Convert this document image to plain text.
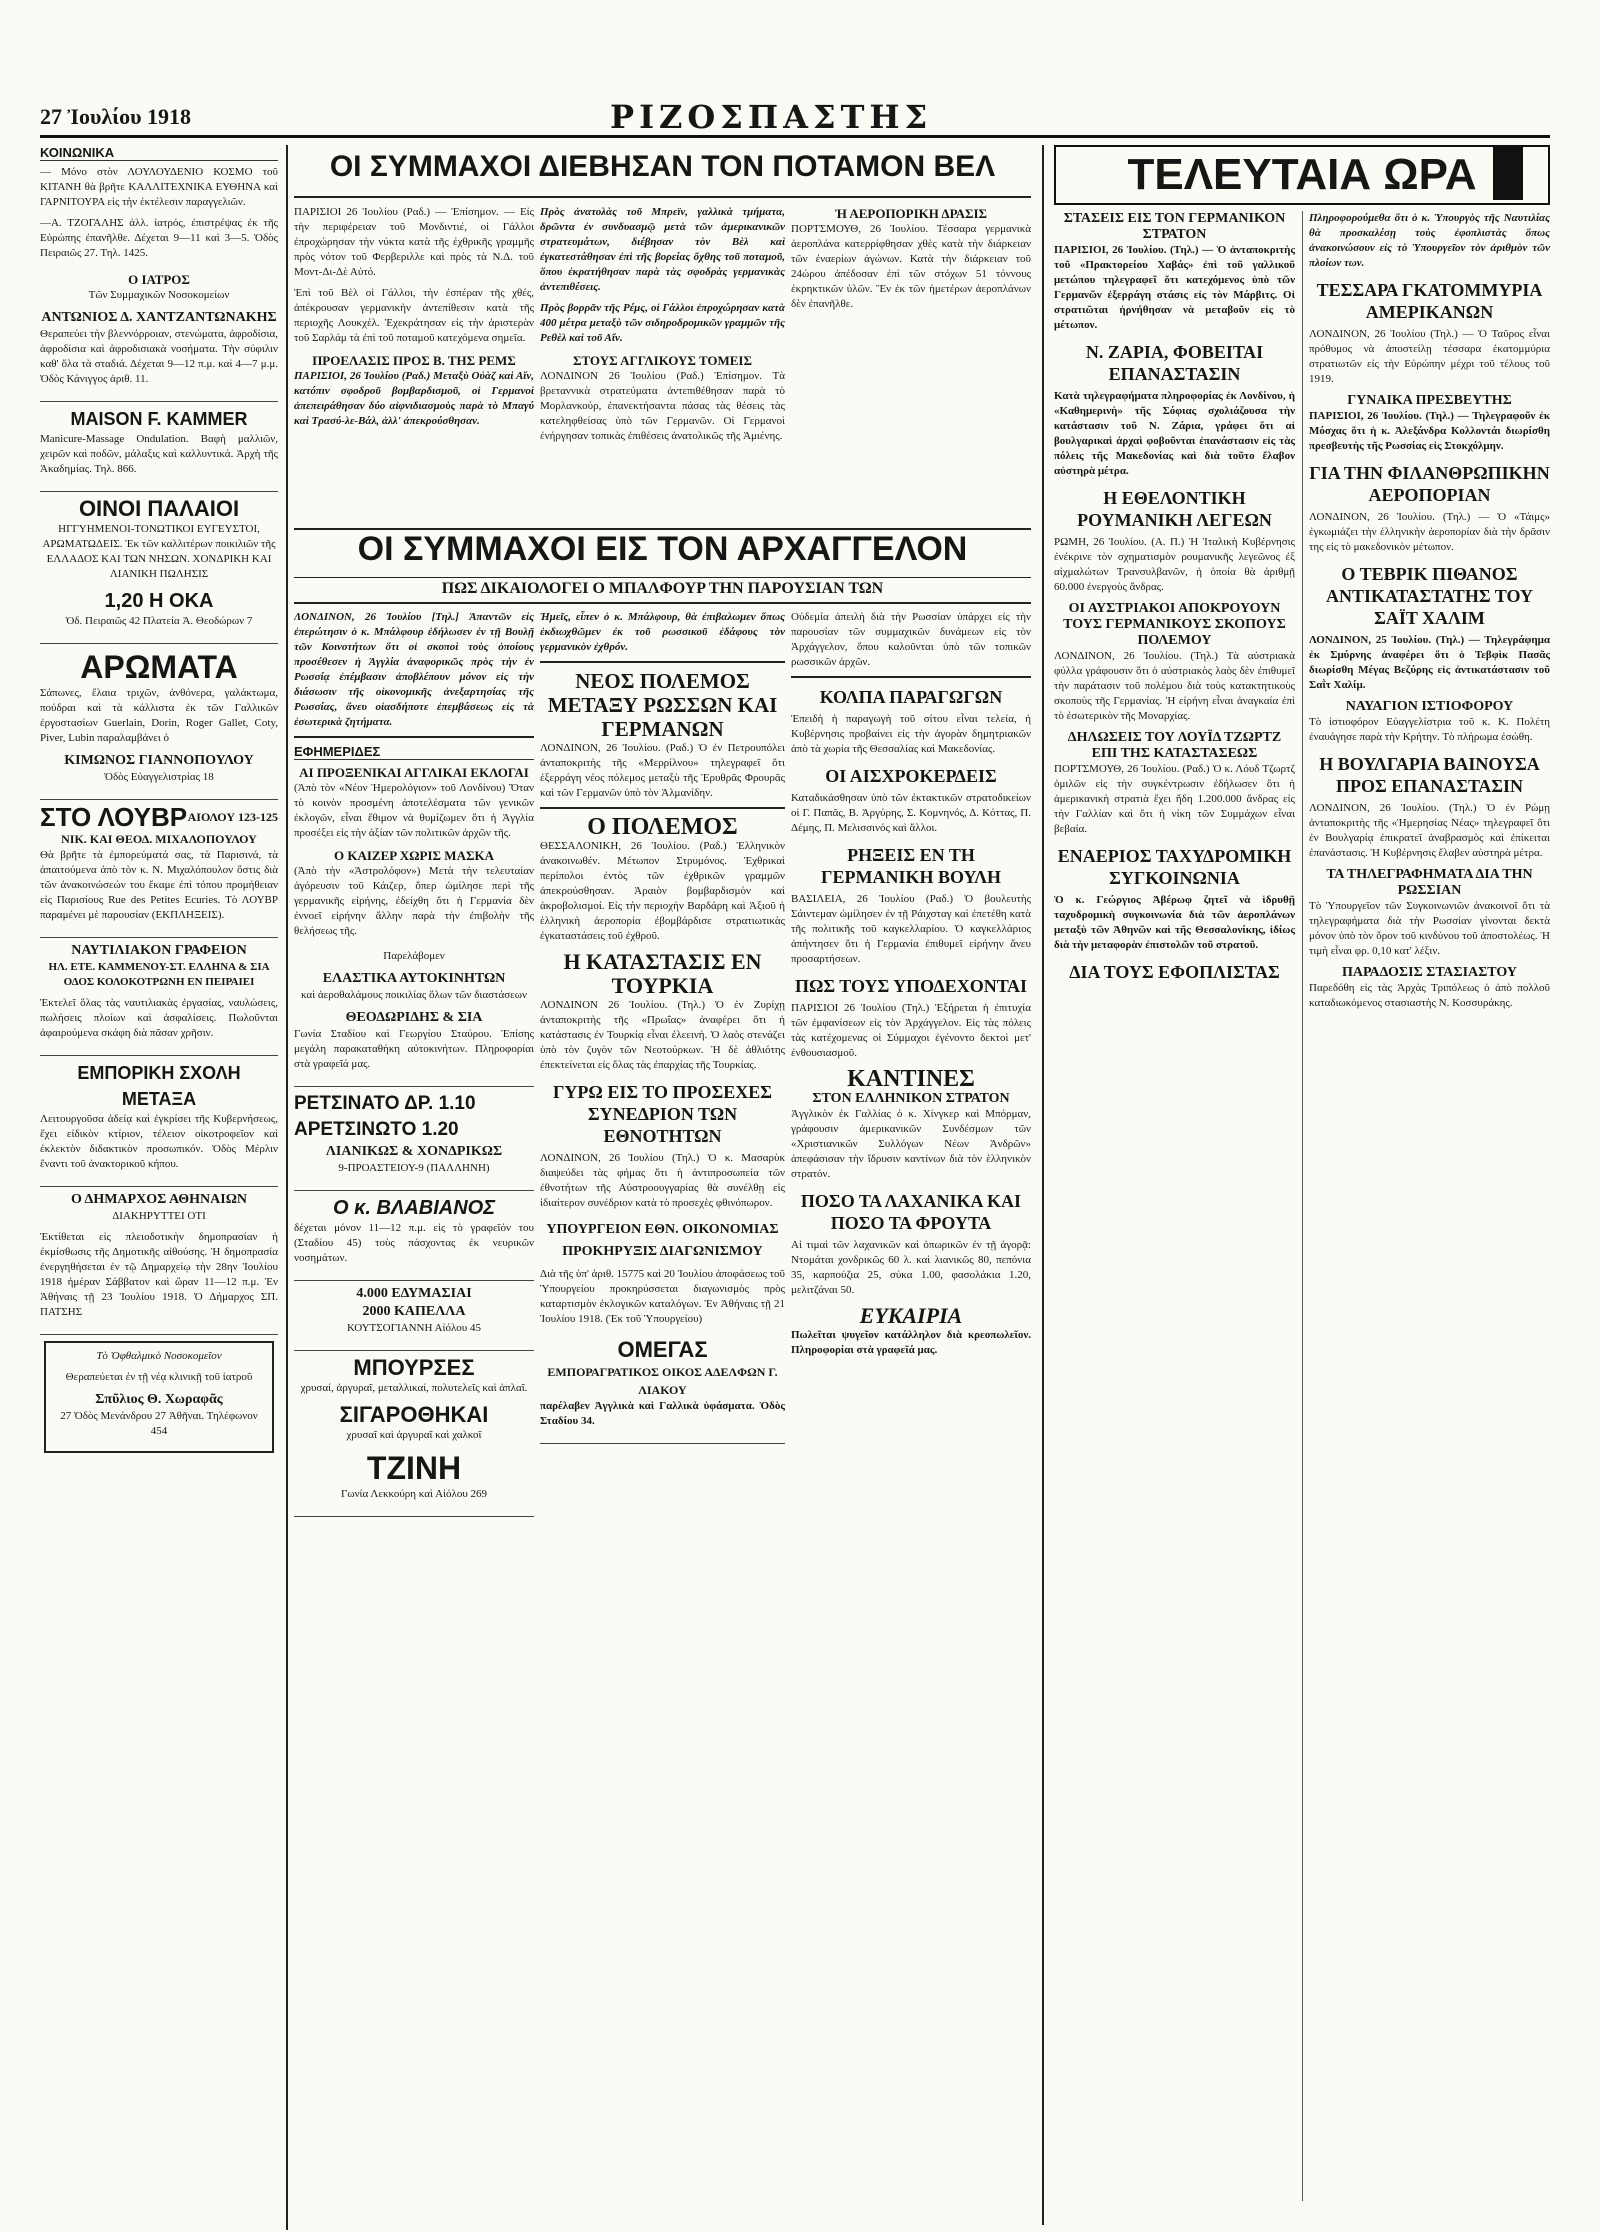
27 Ἰουλίου 1918	ΡΙΖΟΣΠΑΣΤΗΣ
ΚΟΙΝΩΝΙΚΑ

— Μόνο στὸν ΛΟΥΛΟΥΔΕΝΙΟ ΚΟΣΜΟ τοῦ ΚΙΤΑΝΗ θὰ βρῆτε ΚΑΛΛΙΤΕΧΝΙΚΑ ΕΥΘΗΝΑ καὶ ΓΑΡΝΙΤΟΥΡΑ εἰς τὴν ἐκτέλεσιν παραγγελιῶν.

—Α. ΤΖΟΓΑΛΗΣ ἀλλ. ἰατρός, ἐπιστρέψας ἐκ τῆς Εὐρώπης ἐπανῆλθε. Δέχεται 9—11 καὶ 3—5. Ὁδὸς Πειραιῶς 27. Τηλ. 1425.

Ο ΙΑΤΡΟΣ
Τῶν Συμμαχικῶν Νοσοκομείων
ΑΝΤΩΝΙΟΣ Δ. ΧΑΝΤΖΑΝΤΩΝΑΚΗΣ

Θεραπεύει τὴν βλεννόρροιαν, στενώματα, ἀφροδίσια, ἀφροδίσια καὶ ἀφροδισιακὰ νοσήματα. Τὴν σύφιλιν καθ' ὅλα τὰ σταδιά. Δέχεται 9—12 π.μ. καὶ 4—7 μ.μ. Ὁδὸς Κάνιγγος ἀριθ. 11.

MAISON F. KAMMER

Manicure-Massage Ondulation. Βαφὴ μαλλιῶν, χειρῶν καὶ ποδῶν, μάλαξις καὶ καλλυντικά. Ἀρχὴ τῆς Ἀκαδημίας. Τηλ. 866.

ΟΙΝΟΙ ΠΑΛΑΙΟΙ

ΗΓΓΥΗΜΕΝΟΙ-ΤΟΝΩΤΙΚΟΙ ΕΥΓΕΥΣΤΟΙ, ΑΡΩΜΑΤΩΔΕΙΣ. Ἐκ τῶν καλλιτέρων ποικιλιῶν τῆς ΕΛΛΑΔΟΣ ΚΑΙ ΤΩΝ ΝΗΣΩΝ. ΧΟΝΔΡΙΚΗ ΚΑΙ ΛΙΑΝΙΚΗ ΠΩΛΗΣΙΣ

1,20 Η ΟΚΑ
Ὁδ. Πειραιῶς 42 Πλατεία Ἀ. Θεοδώρων 7
ΑΡΩΜΑΤΑ

Σάπωνες, ἔλαια τριχῶν, ἀνθόνερα, γαλάκτωμα, πούδραι καὶ τὰ κάλλιστα ἐκ τῶν Γαλλικῶν ἐργοστασίων Guerlain, Dorin, Roger Gallet, Coty, Piver, Lubin παραλαμβάνει ὁ

ΚΙΜΩΝΟΣ ΓΙΑΝΝΟΠΟΥΛΟΥ
Ὁδὸς Εὐαγγελιστρίας 18
ΣΤΟ ΛΟΥΒΡ ΑΙΟΛΟΥ 123-125
ΝΙΚ. ΚΑΙ ΘΕΟΔ. ΜΙΧΑΛΟΠΟΥΛΟΥ

Θὰ βρῆτε τὰ ἐμπορεύματά σας, τὰ Παρισινά, τὰ ἀπαιτούμενα ἀπὸ τὸν κ. Ν. Μιχαλόπουλον ὅστις διὰ τῶν ἀνακοινώσεών του ἔκαμε ἐπὶ τόπου προμήθειαν εἰς Παρισίους Rue des Petites Ecuries. Τὸ ΛΟΥΒΡ παραμένει μὲ παρουσίαν (ΕΚΠΛΗΞΕΙΣ).

ΝΑΥΤΙΛΙΑΚΟΝ ΓΡΑΦΕΙΟΝ
ΗΛ. ΕΤΕ. ΚΑΜΜΕΝΟΥ-ΣΤ. ΕΛΛΗΝΑ & ΣΙΑ ΟΔΟΣ ΚΟΛΟΚΟΤΡΩΝΗ ΕΝ ΠΕΙΡΑΙΕΙ

Ἐκτελεῖ ὅλας τὰς ναυτιλιακὰς ἐργασίας, ναυλώσεις, πωλήσεις πλοίων καὶ ἀσφαλίσεις. Πωλοῦνται ἀφαιρούμενα σκάφη διὰ πᾶσαν χρῆσιν.

ΕΜΠΟΡΙΚΗ ΣΧΟΛΗ ΜΕΤΑΞΑ

Λειτουργοῦσα ἀδείᾳ καὶ ἐγκρίσει τῆς Κυβερνήσεως, ἔχει εἰδικὸν κτίριον, τέλειον οἰκοτροφεῖον καὶ ἐκλεκτὸν διδακτικὸν προσωπικόν. Ὁδὸς Μέρλιν ἔναντι τοῦ ἀνακτορικοῦ κήπου.

Ο ΔΗΜΑΡΧΟΣ ΑΘΗΝΑΙΩΝ
ΔΙΑΚΗΡΥΤΤΕΙ ΟΤΙ

Ἐκτίθεται εἰς πλειοδοτικὴν δημοπρασίαν ἡ ἐκμίσθωσις τῆς Δημοτικῆς αἰθούσης. Ἡ δημοπρασία ἐνεργηθήσεται ἐν τῷ Δημαρχείῳ τὴν 28ην Ἰουλίου 1918 ἡμέραν Σάββατον καὶ ὥραν 11—12 π.μ. Ἐν Ἀθήναις τῇ 23 Ἰουλίου 1918. Ὁ Δήμαρχος ΣΠ. ΠΑΤΣΗΣ

Τὸ Ὀφθαλμικὸ Νοσοκομεῖον
Θεραπεύεται ἐν τῇ νέᾳ κλινικῇ τοῦ ἰατροῦ
Σπῦλιος Θ. Χωραφᾶς
27 Ὁδὸς Μενάνδρου 27 Ἀθῆναι. Τηλέφωνον 454
ΟΙ ΣΥΜΜΑΧΟΙ ΔΙΕΒΗΣΑΝ ΤΟΝ ΠΟΤΑΜΟΝ ΒΕΛ

ΠΑΡΙΣΙΟΙ 26 Ἰουλίου (Ραδ.) — Ἐπίσημον. — Εἰς τὴν περιφέρειαν τοῦ Μονδιντιέ, οἱ Γάλλοι ἐπροχώρησαν τὴν νύκτα κατὰ τῆς ἐχθρικῆς γραμμῆς πρὸς νότον τοῦ Φερβεριλλε καὶ πρὸς τὰ Ν.Δ. τοῦ Μοντ-Δι-Δὲ Αὐτό.

Ἐπὶ τοῦ Βὲλ οἱ Γάλλοι, τὴν ἐσπέραν τῆς χθές, ἀπέκρουσαν γερμανικὴν ἀντεπίθεσιν κατὰ τῆς περιοχῆς Λουκχέλ. Ἐχεκράτησαν εἰς τὴν ἀριστερὰν τοῦ Σαρλάμ τὰ ἐπὶ τοῦ ποταμοῦ κατεχόμενα σημεῖα.

ΠΡΟΕΛΑΣΙΣ ΠΡΟΣ Β. ΤΗΣ ΡΕΜΣ

ΠΑΡΙΣΙΟΙ, 26 Ἰουλίου (Ραδ.) Μεταξὺ Οὐὰζ καὶ Αἴν, κατόπιν σφοδροῦ βομβαρδισμοῦ, οἱ Γερμανοὶ ἀπεπειράθησαν δύο αἰφνιδιασμοὺς παρὰ τὸ Μπαγύ καὶ Τρασύ-λε-Βάλ, ἀλλ' ἀπεκρούσθησαν.

Πρὸς ἀνατολὰς τοῦ Μπρεϊν, γαλλικὰ τμήματα, δρῶντα ἐν συνδυασμῷ μετὰ τῶν ἀμερικανικῶν στρατευμάτων, διέβησαν τὸν Βὲλ καὶ ἐγκατεστάθησαν ἐπὶ τῆς βορείας ὄχθης τοῦ ποταμοῦ, ὅπου ἐκρατήθησαν παρὰ τὰς σφοδρὰς γερμανικὰς ἀντεπιθέσεις.

Πρὸς βορρᾶν τῆς Ρέμς, οἱ Γάλλοι ἐπροχώρησαν κατὰ 400 μέτρα μεταξὺ τῶν σιδηροδρομικῶν γραμμῶν τῆς Ρεθὲλ καὶ τοῦ Αἴν.

ΣΤΟΥΣ ΑΓΓΛΙΚΟΥΣ ΤΟΜΕΙΣ

ΛΟΝΔΙΝΟΝ 26 Ἰουλίου (Ραδ.) Ἐπίσημον. Τὰ βρεταννικὰ στρατεύματα ἀντεπιθέθησαν παρὰ τὸ Μορλανκούρ, ἐπανεκτήσαντα πάσας τὰς θέσεις τὰς κατεληφθείσας ὑπὸ τῶν Γερμανῶν. Οἱ Γερμανοὶ ἐνήργησαν τοπικὰς ἐπιθέσεις ἀνατολικῶς τῆς Ἀμιένης.

Ἡ ΑΕΡΟΠΟΡΙΚΗ ΔΡΑΣΙΣ

ΠΟΡΤΣΜΟΥΘ, 26 Ἰουλίου. Τέσσαρα γερμανικὰ ἀεροπλάνα κατερρίφθησαν χθὲς κατὰ τὴν διάρκειαν τῶν ἐναερίων ἀγώνων. Κατὰ τὴν διάρκειαν τοῦ 24ώρου ἀπέδοσαν ἐπὶ τῶν στόχων 51 τόννους ἐκρηκτικῶν ὑλῶν. Ἓν ἐκ τῶν ἡμετέρων ἀεροπλάνων δὲν ἐπανῆλθε.

ΟΙ ΣΥΜΜΑΧΟΙ ΕΙΣ ΤΟΝ ΑΡΧΑΓΓΕΛΟΝ
ΠΩΣ ΔΙΚΑΙΟΛΟΓΕΙ Ο ΜΠΑΛΦΟΥΡ ΤΗΝ ΠΑΡΟΥΣΙΑΝ ΤΩΝ

ΛΟΝΔΙΝΟΝ, 26 Ἰουλίου [Τηλ.] Ἀπαντῶν εἰς ἐπερώτησιν ὁ κ. Μπάλφουρ ἐδήλωσεν ἐν τῇ Βουλῇ τῶν Κοινοτήτων ὅτι οἱ σκοποὶ τοὺς ὁποίους προσέθεσεν ἡ Ἀγγλία ἀναφορικῶς πρὸς τὴν ἐν Ρωσσίᾳ ἐπέμβασιν ἀποβλέπουν μόνον εἰς τὴν διάσωσιν τῆς οἰκονομικῆς ἀνεξαρτησίας τῆς Ρωσσίας, ἄνευ οἱασδήποτε ἐπεμβάσεως εἰς τὰ ἐσωτερικὰ ζητήματα.

ΕΦΗΜΕΡΙΔΕΣ
ΑΙ ΠΡΟΞΕΝΙΚΑΙ ΑΓΓΛΙΚΑΙ ΕΚΛΟΓΑΙ

(Ἀπὸ τὸν «Νέον Ἡμερολόγιον» τοῦ Λονδίνου) Ὅταν τὸ κοινὸν προσμένη ἀποτελέσματα τῶν γενικῶν ἐκλογῶν, εἶναι ἔθιμον νὰ θυμίζωμεν ὅτι ἡ Ἀγγλία προσέξει εἰς τὴν ἀξίαν τῶν πολιτικῶν ἀρχῶν τῆς.

Ο ΚΑΙΖΕΡ ΧΩΡΙΣ ΜΑΣΚΑ

(Ἀπὸ τὴν «Ἀστρολόφον») Μετὰ τὴν τελευταίαν ἀγόρευσιν τοῦ Κάιζερ, ὅπερ ὡμίλησε περὶ τῆς γερμανικῆς εἰρήνης, ἐδείχθη ὅτι ἡ Γερμανία δὲν ἐννοεῖ εἰρήνην ἄλλην παρὰ τὴν ἐπιβολὴν τῆς θελήσεως τῆς.

Παρελάβομεν
ΕΛΑΣΤΙΚΑ ΑΥΤΟΚΙΝΗΤΩΝ
καὶ ἀεροθαλάμους ποικιλίας ὅλων τῶν διαστάσεων
ΘΕΟΔΩΡΙΔΗΣ & ΣΙΑ

Γωνία Σταδίου καὶ Γεωργίου Σταύρου. Ἐπίσης μεγάλη παρακαταθήκη αὐτοκινήτων. Πληροφορίαι στὰ γραφεῖά μας.

ΡΕΤΣΙΝΑΤΟ ΔΡ. 1.10
ΑΡΕΤΣΙΝΩΤΟ 1.20
ΛΙΑΝΙΚΩΣ & ΧΟΝΔΡΙΚΩΣ
9-ΠΡΟΑΣΤΕΙΟΥ-9 (ΠΑΛΛΗΝΗ)
Ο κ. ΒΛΑΒΙΑΝΟΣ

δέχεται μόνον 11—12 π.μ. εἰς τὸ γραφεῖόν του (Σταδίου 45) τοὺς πάσχοντας ἐκ νευρικῶν νοσημάτων.

4.000 ΕΔΥΜΑΣΙΑΙ
2000 ΚΑΠΕΛΛΑ
ΚΟΥΤΣΟΓΙΑΝΝΗ Αἰόλου 45
ΜΠΟΥΡΣΕΣ
χρυσαί, ἀργυραῖ, μεταλλικαί, πολυτελεῖς καὶ ἀπλαῖ.
ΣΙΓΑΡΟΘΗΚΑΙ
χρυσαῖ καὶ ἀργυραῖ καὶ χαλκοῖ
ΤΖΙΝΗ
Γωνία Λεκκούρη καὶ Αἰόλου 269

Ἡμεῖς, εἶπεν ὁ κ. Μπάλφουρ, θὰ ἐπιβαλωμεν ὅπως ἐκδιωχθῶμεν ἐκ τοῦ ρωσσικοῦ ἐδάφους τὸν γερμανικὸν ἐχθρόν.

ΝΕΟΣ ΠΟΛΕΜΟΣ ΜΕΤΑΞΥ ΡΩΣΣΩΝ ΚΑΙ ΓΕΡΜΑΝΩΝ

ΛΟΝΔΙΝΟΝ, 26 Ἰουλίου. (Ραδ.) Ὁ ἐν Πετρουπόλει ἀνταποκριτὴς τῆς «Μερρίλνου» τηλεγραφεῖ ὅτι ἐξερράγη νέος πόλεμος μεταξὺ τῆς Ἐρυθρᾶς Φρουρᾶς καὶ τῶν Γερμανῶν ὑπὸ τὸν Ἀλμανίδην.

Ο ΠΟΛΕΜΟΣ

ΘΕΣΣΑΛΟΝΙΚΗ, 26 Ἰουλίου. (Ραδ.) Ἑλληνικὸν ἀνακοινωθέν. Μέτωπον Στρυμόνος. Ἐχθρικαὶ περίπολοι ἐντὸς τῶν ἐχθρικῶν γραμμῶν ἀπεκρούσθησαν. Ἀραιὸν βομβαρδισμὸν καὶ ἀκροβολισμοί. Εἰς τὴν περιοχὴν Βαρδάρη καὶ Ἀξιοῦ ἡ ἑλληνικὴ ἀεροπορία ἐβομβάρδισε στρατιωτικὰς ἐγκαταστάσεις τοῦ ἐχθροῦ.

Η ΚΑΤΑΣΤΑΣΙΣ ΕΝ ΤΟΥΡΚΙΑ

ΛΟΝΔΙΝΟΝ 26 Ἰουλίου. (Τηλ.) Ὁ ἐν Ζυρίχῃ ἀνταποκριτὴς τῆς «Πρωΐας» ἀναφέρει ὅτι ἡ κατάστασις ἐν Τουρκίᾳ εἶναι ἐλεεινή. Ὁ λαὸς στενάζει ὑπὸ τὸν ζυγὸν τῶν Νεοτούρκων. Ἡ δὲ ἀθλιότης ἐπεκτείνεται εἰς ὅλας τὰς ἐπαρχίας τῆς Τουρκίας.

ΓΥΡΩ ΕΙΣ ΤΟ ΠΡΟΣΕΧΕΣ ΣΥΝΕΔΡΙΟΝ ΤΩΝ ΕΘΝΟΤΗΤΩΝ

ΛΟΝΔΙΝΟΝ, 26 Ἰουλίου (Τηλ.) Ὁ κ. Μασαρὺκ διαψεύδει τὰς φήμας ὅτι ἡ ἀντιπροσωπεία τῶν ἐθνοτήτων τῆς Αὐστροουγγαρίας θὰ συνέλθῃ εἰς ἰδιαίτερον συνέδριον κατὰ τὸ προσεχὲς φθινόπωρον.

ΥΠΟΥΡΓΕΙΟΝ ΕΘΝ. ΟΙΚΟΝΟΜΙΑΣ ΠΡΟΚΗΡΥΞΙΣ ΔΙΑΓΩΝΙΣΜΟΥ

Διὰ τῆς ὑπ' ἀριθ. 15775 καὶ 20 Ἰουλίου ἀποφάσεως τοῦ Ὑπουργείου προκηρύσσεται διαγωνισμὸς πρὸς καταρτισμὸν ἐκλογικῶν καταλόγων. Ἐν Ἀθήναις τῇ 21 Ἰουλίου 1918. (Ἐκ τοῦ Ὑπουργείου)

ΟΜΕΓΑΣ
ΕΜΠΟΡΑΓΡΑΤΙΚΟΣ ΟΙΚΟΣ ΑΔΕΛΦΩΝ Γ. ΛΙΑΚΟΥ

παρέλαβεν Ἀγγλικὰ καὶ Γαλλικὰ ὑφάσματα. Ὁδὸς Σταδίου 34.

Οὐδεμία ἀπειλὴ διὰ τὴν Ρωσσίαν ὑπάρχει εἰς τὴν παρουσίαν τῶν συμμαχικῶν δυνάμεων εἰς τὸν Ἀρχάγγελον, ὅπου καλοῦνται ὑπὸ τῶν τοπικῶν ρωσσικῶν ἀρχῶν.

ΚΟΛΠΑ ΠΑΡΑΓΩΓΩΝ

Ἐπειδὴ ἡ παραγωγὴ τοῦ σίτου εἶναι τελεία, ἡ Κυβέρνησις προβαίνει εἰς τὴν ἀγορὰν δημητριακῶν ἀπὸ τὰ χωρία τῆς Θεσσαλίας καὶ Μακεδονίας.

ΟΙ ΑΙΣΧΡΟΚΕΡΔΕΙΣ

Καταδικάσθησαν ὑπὸ τῶν ἐκτακτικῶν στρατοδικείων οἱ Γ. Παπᾶς, Β. Ἀργύρης, Σ. Κομνηνός, Δ. Κόττας, Π. Δέμης, Π. Μελισσινός καὶ ἄλλοι.

ΡΗΞΕΙΣ ΕΝ ΤΗ ΓΕΡΜΑΝΙΚΗ ΒΟΥΛΗ

ΒΑΣΙΛΕΙΑ, 26 Ἰουλίου (Ραδ.) Ὁ βουλευτὴς Σάιντεμαν ὡμίλησεν ἐν τῇ Ράιχσταγ καὶ ἐπετέθη κατὰ τῆς πολιτικῆς τοῦ καγκελλαρίου. Ὁ καγκελλάριος ἀπήντησεν ὅτι ἡ Γερμανία ἐπιθυμεῖ εἰρήνην ἄνευ προσαρτήσεων.

ΠΩΣ ΤΟΥΣ ΥΠΟΔΕΧΟΝΤΑΙ

ΠΑΡΙΣΙΟΙ 26 Ἰουλίου (Τηλ.) Ἐξήρεται ἡ ἐπιτυχία τῶν ἐμφανίσεων εἰς τὸν Ἀρχάγγελον. Εἰς τὰς πόλεις τὰς κατέχομενας οἱ Σύμμαχοι ἐγένοντο δεκτοὶ μετ' ἐνθουσιασμοῦ.

ΚΑΝΤΙΝΕΣ
ΣΤΟΝ ΕΛΛΗΝΙΚΟΝ ΣΤΡΑΤΟΝ

Ἀγγλικὸν ἐκ Γαλλίας ὁ κ. Χίνγκερ καὶ Μπόρμαν, γράφουσιν ἀμερικανικῶν Συνδέσμων τῶν «Χριστιανικῶν Συλλόγων Νέων Ἀνδρῶν» ἀπεφάσισαν τὴν ἵδρυσιν καντίνων διὰ τὸν ἑλληνικὸν στρατόν.

ΠΟΣΟ ΤΑ ΛΑΧΑΝΙΚΑ ΚΑΙ ΠΟΣΟ ΤΑ ΦΡΟΥΤΑ

Αἱ τιμαὶ τῶν λαχανικῶν καὶ ὀπωρικῶν ἐν τῇ ἀγορᾷ: Ντομάται χονδρικῶς 60 λ. καὶ λιανικῶς 80, πεπόνια 35, καρπούζια 25, σύκα 1.00, φασολάκια 1.20, μελιτζάναι 50.

ΕΥΚΑΙΡΙΑ

Πωλεῖται ψυγεῖον κατάλληλον διὰ κρεοπωλεῖον. Πληροφορίαι στὰ γραφεῖά μας.

ΤΕΛΕΥΤΑΙΑ ΩΡΑ
ΣΤΑΣΕΙΣ ΕΙΣ ΤΟΝ ΓΕΡΜΑΝΙΚΟΝ ΣΤΡΑΤΟΝ

ΠΑΡΙΣΙΟΙ, 26 Ἰουλίου. (Τηλ.) — Ὁ ἀνταποκριτὴς τοῦ «Πρακτορείου Χαβάς» ἐπὶ τοῦ γαλλικοῦ μετώπου τηλεγραφεῖ ὅτι κατεχόμενος ὑπὸ τῶν Γερμανῶν ἐξερράγη στάσις εἰς τὸν Μάρβιτς. Οἱ στρατιῶται ἠρνήθησαν νὰ μεταβοῦν εἰς τὸ μέτωπον.

Ν. ΖΑΡΙΑ, ΦΟΒΕΙΤΑΙ ΕΠΑΝΑΣΤΑΣΙΝ

Κατὰ τηλεγραφήματα πληροφορίας ἐκ Λονδίνου, ἡ «Καθημερινὴ» τῆς Σόφιας σχολιάζουσα τὴν κατάστασιν τοῦ Ν. Ζάρια, γράφει ὅτι αἱ βουλγαρικαὶ ἀρχαὶ φοβοῦνται ἐπανάστασιν εἰς τὰς πόλεις τῆς Μακεδονίας καὶ διὰ τοῦτο ἔλαβον αὐστηρὰ μέτρα.

Η ΕΘΕΛΟΝΤΙΚΗ ΡΟΥΜΑΝΙΚΗ ΛΕΓΕΩΝ

ΡΩΜΗ, 26 Ἰουλίου. (Α. Π.) Ἡ Ἰταλικὴ Κυβέρνησις ἐνέκρινε τὸν σχηματισμὸν ρουμανικῆς λεγεῶνος ἐξ αἰχμαλώτων Τρανσυλβανῶν, ἡ ὁποία θὰ ἀριθμῇ 60.000 ἐνεργοὺς ἄνδρας.

ΟΙ ΑΥΣΤΡΙΑΚΟΙ ΑΠΟΚΡΟΥΟΥΝ ΤΟΥΣ ΓΕΡΜΑΝΙΚΟΥΣ ΣΚΟΠΟΥΣ ΠΟΛΕΜΟΥ

ΛΟΝΔΙΝΟΝ, 26 Ἰουλίου. (Τηλ.) Τὰ αὐστριακὰ φύλλα γράφουσιν ὅτι ὁ αὐστριακὸς λαὸς δὲν ἐπιθυμεῖ τὴν παράτασιν τοῦ πολέμου διὰ τοὺς κατακτητικοὺς σκοποὺς τῆς Γερμανίας. Ἡ εἰρήνη εἶναι ἀναγκαία ἐπὶ τὸ ἐσωτερικὸν τῆς Μοναρχίας.

ΔΗΛΩΣΕΙΣ ΤΟΥ ΛΟΥΪΔ ΤΖΩΡΤΖ ΕΠΙ ΤΗΣ ΚΑΤΑΣΤΑΣΕΩΣ

ΠΟΡΤΣΜΟΥΘ, 26 Ἰουλίου. (Ραδ.) Ὁ κ. Λόυδ Τζωρτζ ὁμιλῶν εἰς τὴν συγκέντρωσιν ἐδήλωσεν ὅτι ἡ ἀμερικανικὴ στρατιὰ ἔχει ἤδη 1.200.000 ἄνδρας εἰς τὴν Γαλλίαν καὶ ὅτι ἡ νίκη τῶν Συμμάχων εἶναι βεβαία.

ΕΝΑΕΡΙΟΣ ΤΑΧΥΔΡΟΜΙΚΗ ΣΥΓΚΟΙΝΩΝΙΑ

Ὁ κ. Γεώργιος Ἀβέρωφ ζητεῖ νὰ ἱδρυθῇ ταχυδρομικὴ συγκοινωνία διὰ τῶν ἀεροπλάνων μεταξὺ τῶν Ἀθηνῶν καὶ τῆς Θεσσαλονίκης, ἰδίως διὰ τὴν μεταφορὰν ἐπιστολῶν τοῦ στρατοῦ.

ΔΙΑ ΤΟΥΣ ΕΦΟΠΛΙΣΤΑΣ

Πληροφορούμεθα ὅτι ὁ κ. Ὑπουργὸς τῆς Ναυτιλίας θὰ προσκαλέσῃ τοὺς ἐφοπλιστὰς ὅπως ἀνακοινώσουν εἰς τὸ Ὑπουργεῖον τὸν ἀριθμὸν τῶν πλοίων των.

ΤΕΣΣΑΡΑ ΓΚΑΤΟΜΜΥΡΙΑ ΑΜΕΡΙΚΑΝΩΝ

ΛΟΝΔΙΝΟΝ, 26 Ἰουλίου (Τηλ.) — Ὁ Ταῦρος εἶναι πρόθυμος νὰ ἀποστείλῃ τέσσαρα ἑκατομμύρια στρατιωτῶν εἰς τὴν Εὐρώπην μέχρι τοῦ τέλους τοῦ 1919.

ΓΥΝΑΙΚΑ ΠΡΕΣΒΕΥΤΗΣ

ΠΑΡΙΣΙΟΙ, 26 Ἰουλίου. (Τηλ.) — Τηλεγραφοῦν ἐκ Μόσχας ὅτι ἡ κ. Ἀλεξάνδρα Κολλοντάι διωρίσθη πρεσβευτὴς τῆς Ρωσσίας εἰς Στοκχόλμην.

ΓΙΑ ΤΗΝ ΦΙΛΑΝΘΡΩΠΙΚΗΝ ΑΕΡΟΠΟΡΙΑΝ

ΛΟΝΔΙΝΟΝ, 26 Ἰουλίου. (Τηλ.) — Ὁ «Τάιμς» ἐγκωμιάζει τὴν ἑλληνικὴν ἀεροπορίαν διὰ τὴν δρᾶσιν της εἰς τὸ μακεδονικὸν μέτωπον.

Ο ΤΕΒΡΙΚ ΠΙΘΑΝΟΣ ΑΝΤΙΚΑΤΑΣΤΑΤΗΣ ΤΟΥ ΣΑΪΤ ΧΑΛΙΜ

ΛΟΝΔΙΝΟΝ, 25 Ἰουλίου. (Τηλ.) — Τηλεγράφημα ἐκ Σμύρνης ἀναφέρει ὅτι ὁ Τεβφὶκ Πασᾶς διωρίσθη Μέγας Βεζύρης εἰς ἀντικατάστασιν τοῦ Σαῒτ Χαλίμ.

ΝΑΥΑΓΙΟΝ ΙΣΤΙΟΦΟΡΟΥ

Τὸ ἱστιοφόρον Εὐαγγελίστρια τοῦ κ. Κ. Πολέτη ἐναυάγησε παρὰ τὴν Κρήτην. Τὸ πλήρωμα ἐσώθη.

Η ΒΟΥΛΓΑΡΙΑ ΒΑΙΝΟΥΣΑ ΠΡΟΣ ΕΠΑΝΑΣΤΑΣΙΝ

ΛΟΝΔΙΝΟΝ, 26 Ἰουλίου. (Τηλ.) Ὁ ἐν Ρώμῃ ἀνταποκριτὴς τῆς «Ἡμερησίας Νέας» τηλεγραφεῖ ὅτι ἐν Βουλγαρίᾳ ἐπικρατεῖ ἀναβρασμὸς καὶ ἐπίκειται ἐπανάστασις. Ἡ Κυβέρνησις ἔλαβεν αὐστηρὰ μέτρα.

ΤΑ ΤΗΛΕΓΡΑΦΗΜΑΤΑ ΔΙΑ ΤΗΝ ΡΩΣΣΙΑΝ

Τὸ Ὑπουργεῖον τῶν Συγκοινωνιῶν ἀνακοινοῖ ὅτι τὰ τηλεγραφήματα διὰ τὴν Ρωσσίαν γίνονται δεκτὰ μόνον ὑπὸ τὸν ὅρον τοῦ κινδύνου τοῦ ἀποστολέως. Ἡ τιμὴ εἶναι φρ. 0,10 κατ' λέξιν.

ΠΑΡΑΔΟΣΙΣ ΣΤΑΣΙΑΣΤΟΥ

Παρεδόθη εἰς τὰς Ἀρχὰς Τριπόλεως ὁ ἀπὸ πολλοῦ καταδιωκόμενος στασιαστὴς Ν. Κοσσυράκης.
